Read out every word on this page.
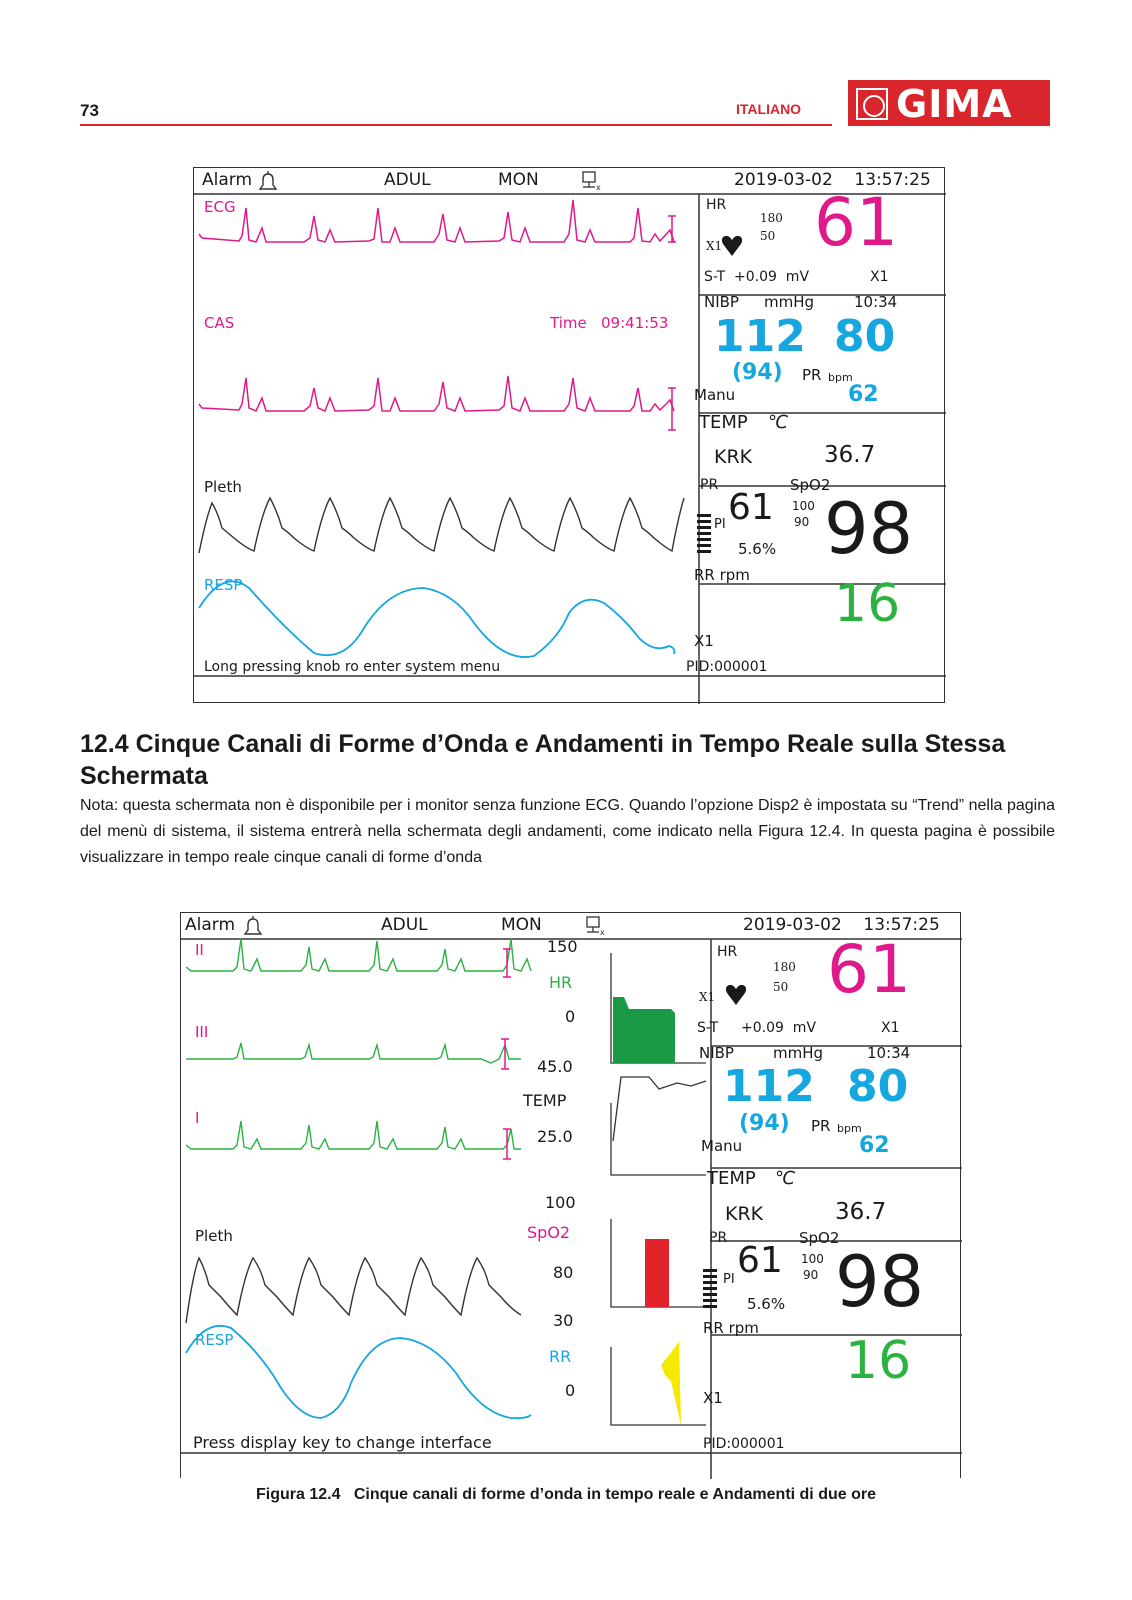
73	ITALIANO GIMA
x
Alarm	ADUL	MON	2019-03-02    13:57:25
ECG
CAS	Time   09:41:53
Pleth
RESP
HR
180
50
X1 61
S-T +0.09  mV	X1
NIBP mmHg	10:34
112 80
(94) PR bpm
62
Manu
TEMP ℃
KRK	36.7
PR	SpO2
61 100
90
PI
5.6% 98
RR rpm 16
X1
Long pressing knob ro enter system menu	PID:000001
12.4 Cinque Canali di Forme d’Onda e Andamenti in Tempo Reale sulla Stessa Schermata
Nota: questa schermata non è disponibile per i monitor senza funzione ECG. Quando l’opzione Disp2 è impostata su “Trend” nella pagina del menù di sistema, il sistema entrerà nella schermata degli andamenti, come indicato nella Figura 12.4. In questa pagina è possibile visualizzare in tempo reale cinque canali di forme d’onda
x
Alarm	ADUL	MON	2019-03-02    13:57:25
II
III
I
Pleth
RESP
150
HR
0
45.0
TEMP
25.0
100
SpO2
80
30
RR
0
HR
180
50
X1 61
S-T +0.09  mV	X1
NIBP	mmHg	10:34
112 80
(94) PR bpm
62
Manu
TEMP ℃
KRK	36.7
PR	SpO2
61 100
90
PI
5.6% 98
RR rpm
16
X1
Press display key to change interface	PID:000001
Figura 12.4   Cinque canali di forme d’onda in tempo reale e Andamenti di due ore
